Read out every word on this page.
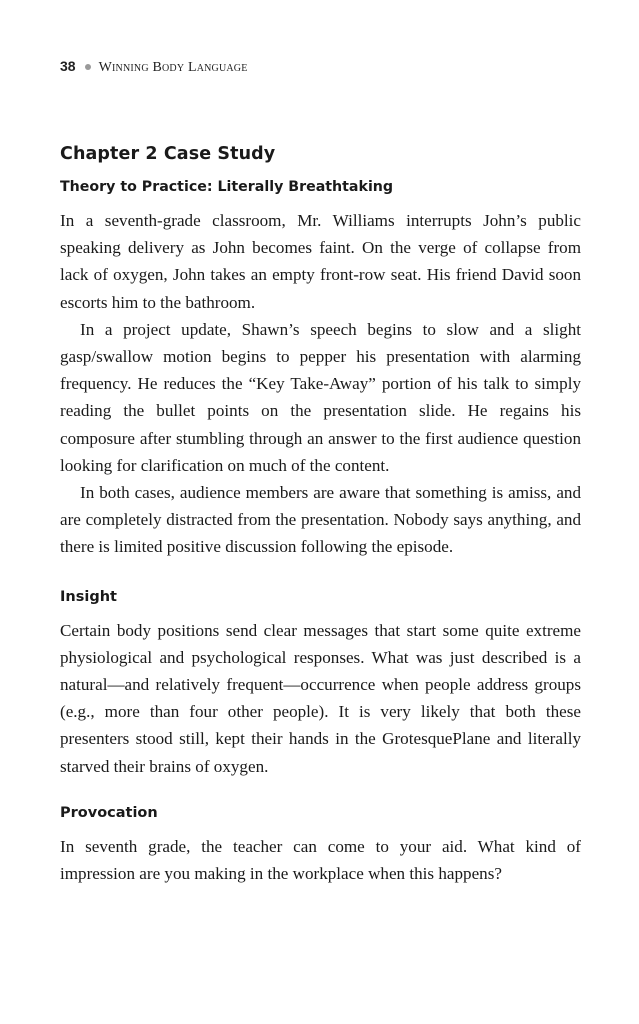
38 Winning Body Language
Chapter 2 Case Study
Theory to Practice: Literally Breathtaking

In a seventh-grade classroom, Mr. Williams interrupts John’s public speaking delivery as John becomes faint. On the verge of collapse from lack of oxygen, John takes an empty front-row seat. His friend David soon escorts him to the bathroom.

In a project update, Shawn’s speech begins to slow and a slight gasp/swallow motion begins to pepper his presentation with alarming frequency. He reduces the “Key Take-Away” portion of his talk to simply reading the bullet points on the presentation slide. He regains his composure after stumbling through an answer to the first audience question looking for clarification on much of the content.

In both cases, audience members are aware that something is amiss, and are completely distracted from the presentation. Nobody says anything, and there is limited positive discussion following the episode.

Insight

Certain body positions send clear messages that start some quite extreme physiological and psychological responses. What was just described is a natural—and relatively frequent—occurrence when people address groups (e.g., more than four other people). It is very likely that both these presenters stood still, kept their hands in the GrotesquePlane and literally starved their brains of oxygen.

Provocation

In seventh grade, the teacher can come to your aid. What kind of impression are you making in the workplace when this happens?
